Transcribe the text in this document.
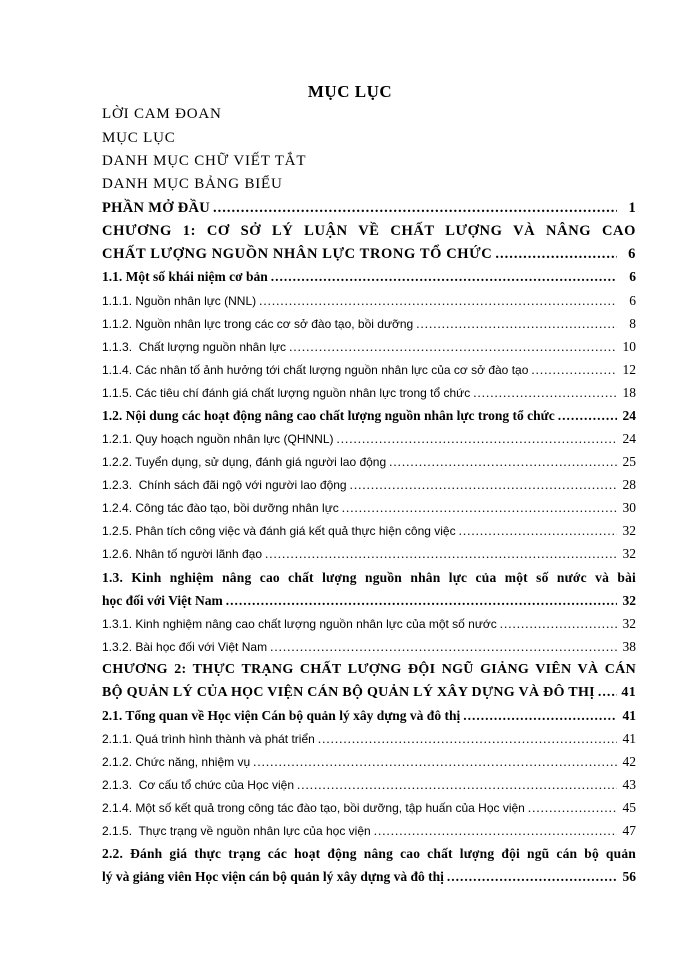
MỤC LỤC
LỜI CAM ĐOAN
MỤC LỤC
DANH MỤC CHỮ VIẾT TẮT
DANH MỤC BẢNG BIỂU
PHẦN MỞ ĐẦU .....	1
CHƯƠNG 1: CƠ SỞ LÝ LUẬN VỀ CHẤT LƯỢNG VÀ NÂNG CAO
CHẤT LƯỢNG NGUỒN NHÂN LỰC TRONG TỔ CHỨC .....	6
1.1. Một số khái niệm cơ bản .....	6
1.1.1. Nguồn nhân lực (NNL) .....	6
1.1.2. Nguồn nhân lực trong các cơ sở đào tạo, bồi dưỡng .....	8
1.1.3.  Chất lượng nguồn nhân lực .....	10
1.1.4. Các nhân tố ảnh hưởng tới chất lượng nguồn nhân lực của cơ sở đào tạo .....	12
1.1.5. Các tiêu chí đánh giá chất lượng nguồn nhân lực trong tổ chức .....	18
1.2. Nội dung các hoạt động nâng cao chất lượng nguồn nhân lực trong tổ chức .....	24
1.2.1. Quy hoạch nguồn nhân lực (QHNNL) .....	24
1.2.2. Tuyển dụng, sử dụng, đánh giá người lao động .....	25
1.2.3.  Chính sách đãi ngộ với người lao động .....	28
1.2.4. Công tác đào tạo, bồi dưỡng nhân lực .....	30
1.2.5. Phân tích công việc và đánh giá kết quả thực hiện công việc .....	32
1.2.6. Nhân tố người lãnh đạo .....	32
1.3. Kinh nghiệm nâng cao chất lượng nguồn nhân lực của một số nước và bài
học đối với Việt Nam .....	32
1.3.1. Kinh nghiệm nâng cao chất lượng nguồn nhân lực của một số nước .....	32
1.3.2. Bài học đối với Việt Nam .....	38
CHƯƠNG 2: THỰC TRẠNG CHẤT LƯỢNG ĐỘI NGŨ GIẢNG VIÊN VÀ CÁN
BỘ QUẢN LÝ CỦA HỌC VIỆN CÁN BỘ QUẢN LÝ XÂY DỰNG VÀ ĐÔ THỊ ..... 41
2.1. Tổng quan về Học viện Cán bộ quản lý xây dựng và đô thị .....	41
2.1.1. Quá trình hình thành và phát triển .....	41
2.1.2. Chức năng, nhiệm vụ .....	42
2.1.3.  Cơ cấu tổ chức của Học viện .....	43
2.1.4. Một số kết quả trong công tác đào tạo, bồi dưỡng, tập huấn của Học viện .....	45
2.1.5.  Thực trạng về nguồn nhân lực của học viện .....	47
2.2. Đánh giá thực trạng các hoạt động nâng cao chất lượng đội ngũ cán bộ quản
lý và giảng viên Học viện cán bộ quản lý xây dựng và đô thị .....	56
